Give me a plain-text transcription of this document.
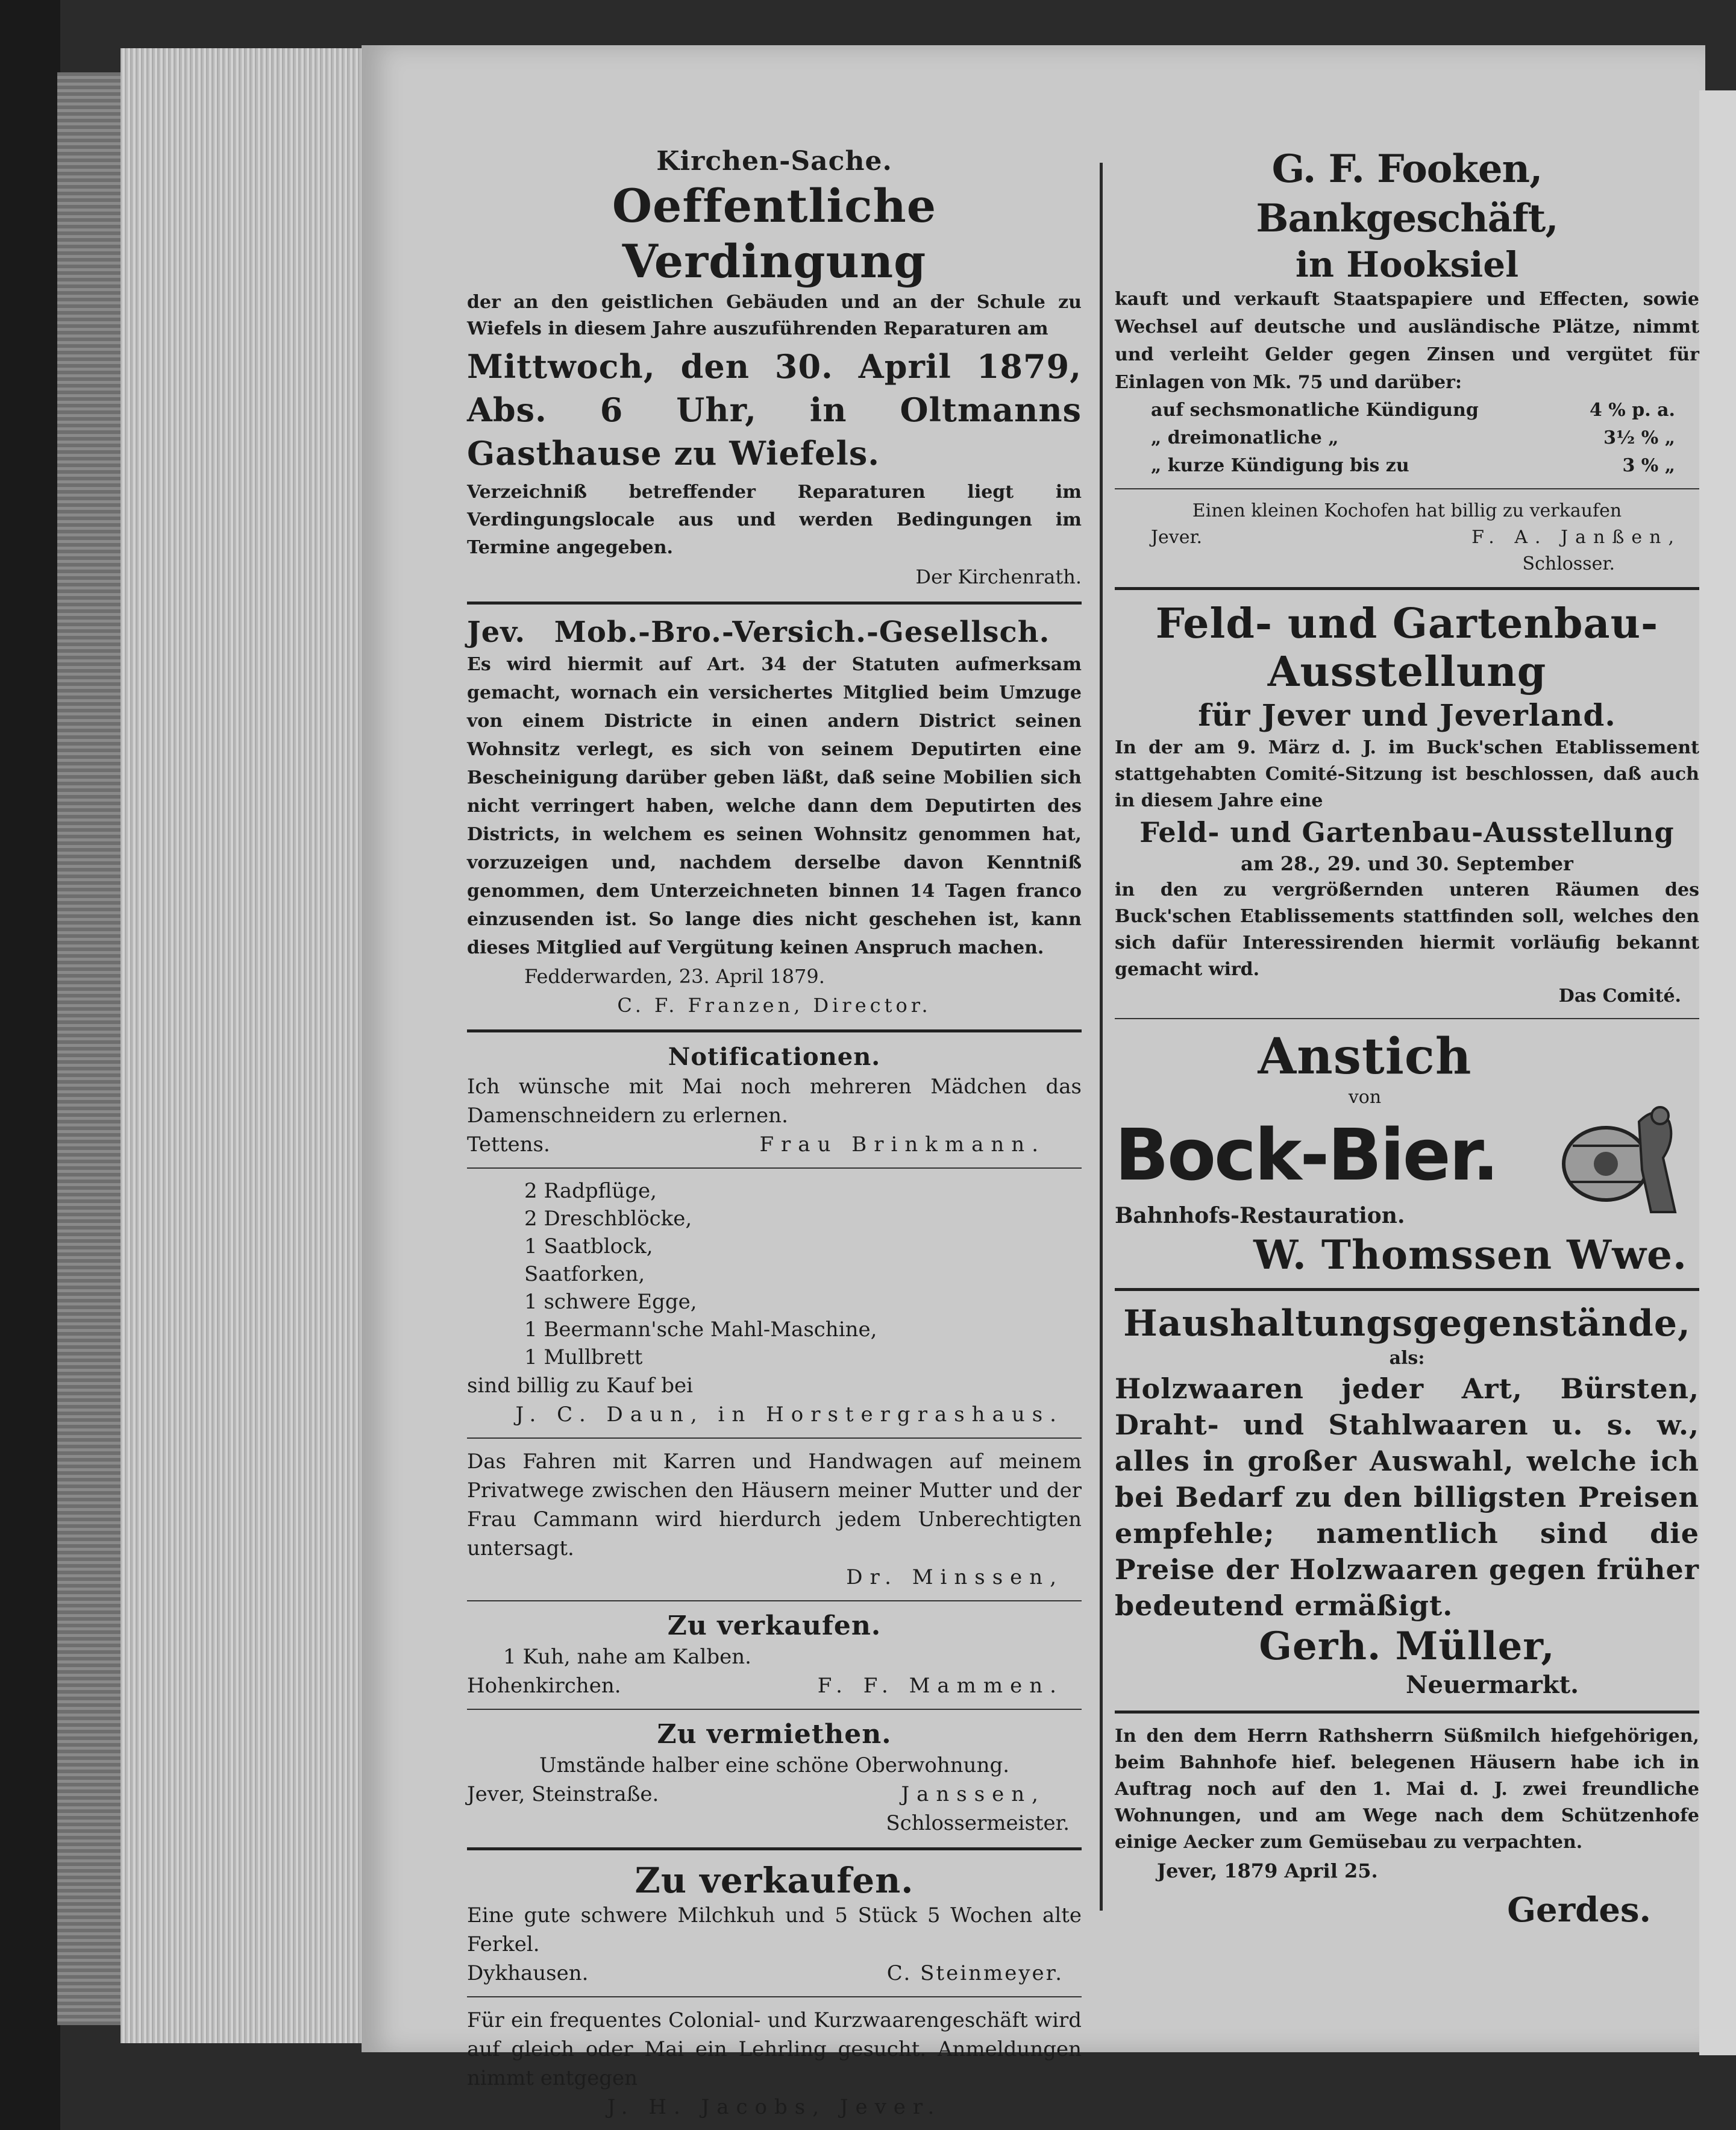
Kirchen-Sache.

Oeffentliche Verdingung

der an den geistlichen Gebäuden und an der Schule zu Wiefels in diesem Jahre auszuführenden Reparaturen am

Mittwoch, den 30. April 1879, Abs. 6 Uhr, in Oltmanns Gasthause zu Wiefels.

Verzeichniß betreffender Reparaturen liegt im Verdingungslocale aus und werden Bedingungen im Termine angegeben.

Der Kirchenrath.

Jev. Mob.-Bro.-Versich.-Gesellsch.

Es wird hiermit auf Art. 34 der Statuten aufmerksam gemacht, wornach ein versichertes Mitglied beim Umzuge von einem Districte in einen andern District seinen Wohnsitz verlegt, es sich von seinem Deputirten eine Bescheinigung darüber geben läßt, daß seine Mobilien sich nicht verringert haben, welche dann dem Deputirten des Districts, in welchem es seinen Wohnsitz genommen hat, vorzuzeigen und, nachdem derselbe davon Kenntniß genommen, dem Unterzeichneten binnen 14 Tagen franco einzusenden ist. So lange dies nicht geschehen ist, kann dieses Mitglied auf Vergütung keinen Anspruch machen.

Fedderwarden, 23. April 1879.

C. F. Franzen, Director.

Notificationen.

Ich wünsche mit Mai noch mehreren Mädchen das Damenschneidern zu erlernen.

Tettens.	Frau Brinkmann.

2 Radpflüge,

2 Dreschblöcke,

1 Saatblock,

Saatforken,

1 schwere Egge,

1 Beermann'sche Mahl-Maschine,

1 Mullbrett

sind billig zu Kauf bei

J. C. Daun, in Horstergrashaus.

Das Fahren mit Karren und Handwagen auf meinem Privatwege zwischen den Häusern meiner Mutter und der Frau Cammann wird hierdurch jedem Unberechtigten untersagt.

Dr. Minssen,

Zu verkaufen.

1 Kuh, nahe am Kalben.

Hohenkirchen.	F. F. Mammen.

Zu vermiethen.

Umstände halber eine schöne Oberwohnung.

Jever, Steinstraße.	Janssen,

Schlossermeister.

Zu verkaufen.

Eine gute schwere Milchkuh und 5 Stück 5 Wochen alte Ferkel.

Dykhausen.	C. Steinmeyer.

Für ein frequentes Colonial- und Kurzwaarengeschäft wird auf gleich oder Mai ein Lehrling gesucht. Anmeldungen nimmt entgegen

J. H. Jacobs, Jever.

G. F. Fooken, Bankgeschäft,

in Hooksiel

kauft und verkauft Staatspapiere und Effecten, sowie Wechsel auf deutsche und ausländische Plätze, nimmt und verleiht Gelder gegen Zinsen und vergütet für Einlagen von Mk. 75 und darüber:

auf sechsmonatliche Kündigung	4 % p. a.
„ dreimonatliche „	3½ % „
„ kurze Kündigung bis zu	3 % „

Einen kleinen Kochofen hat billig zu verkaufen

Jever.	F. A. Janßen,

Schlosser.

Feld- und Gartenbau-

Ausstellung

für Jever und Jeverland.

In der am 9. März d. J. im Buck'schen Etablissement stattgehabten Comité-Sitzung ist beschlossen, daß auch in diesem Jahre eine

Feld- und Gartenbau-Ausstellung

am 28., 29. und 30. September

in den zu vergrößernden unteren Räumen des Buck'schen Etablissements stattfinden soll, welches den sich dafür Interessirenden hiermit vorläufig bekannt gemacht wird.

Das Comité.

Anstich

von

Bock-Bier.

Bahnhofs-Restauration.

W. Thomssen Wwe.

Haushaltungsgegenstände,

als:

Holzwaaren jeder Art, Bürsten, Draht- und Stahlwaaren u. s. w., alles in großer Auswahl, welche ich bei Bedarf zu den billigsten Preisen empfehle; namentlich sind die Preise der Holzwaaren gegen früher bedeutend ermäßigt.

Gerh. Müller,

Neuermarkt.

In den dem Herrn Rathsherrn Süßmilch hiefgehörigen, beim Bahnhofe hief. belegenen Häusern habe ich in Auftrag noch auf den 1. Mai d. J. zwei freundliche Wohnungen, und am Wege nach dem Schützenhofe einige Aecker zum Gemüsebau zu verpachten.

Jever, 1879 April 25.

Gerdes.
